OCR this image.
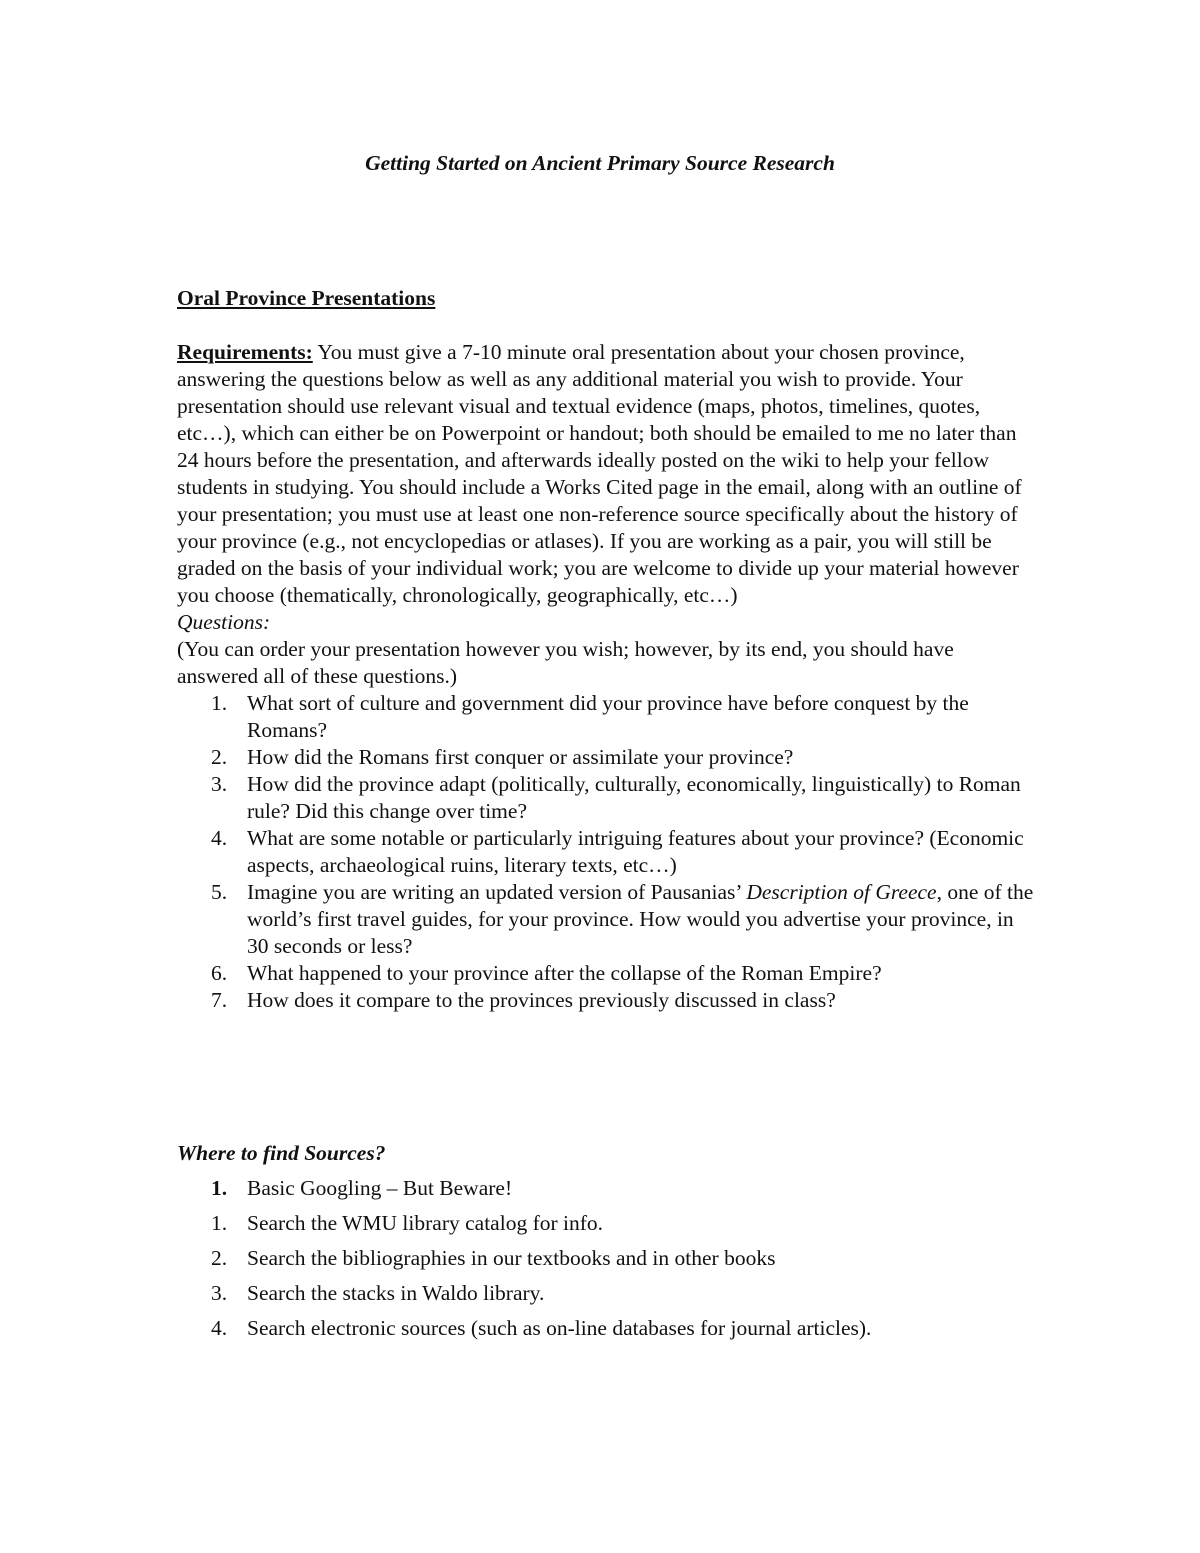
Getting Started on Ancient Primary Source Research
Oral Province Presentations

Requirements: You must give a 7-10 minute oral presentation about your chosen province, answering the questions below as well as any additional material you wish to provide. Your presentation should use relevant visual and textual evidence (maps, photos, timelines, quotes, etc…), which can either be on Powerpoint or handout; both should be emailed to me no later than 24 hours before the presentation, and afterwards ideally posted on the wiki to help your fellow students in studying. You should include a Works Cited page in the email, along with an outline of your presentation; you must use at least one non-reference source specifically about the history of your province (e.g., not encyclopedias or atlases). If you are working as a pair, you will still be graded on the basis of your individual work; you are welcome to divide up your material however you choose (thematically, chronologically, geographically, etc…)

Questions:
(You can order your presentation however you wish; however, by its end, you should have answered all of these questions.)
1. What sort of culture and government did your province have before conquest by the Romans?
2. How did the Romans first conquer or assimilate your province?
3. How did the province adapt (politically, culturally, economically, linguistically) to Roman rule? Did this change over time?
4. What are some notable or particularly intriguing features about your province? (Economic aspects, archaeological ruins, literary texts, etc…)
5. Imagine you are writing an updated version of Pausanias’ Description of Greece, one of the world’s first travel guides, for your province. How would you advertise your province, in 30 seconds or less?
6. What happened to your province after the collapse of the Roman Empire?
7. How does it compare to the provinces previously discussed in class?
Where to find Sources?
1. Basic Googling – But Beware!
1. Search the WMU library catalog for info.
2. Search the bibliographies in our textbooks and in other books
3. Search the stacks in Waldo library.
4. Search electronic sources (such as on-line databases for journal articles).
